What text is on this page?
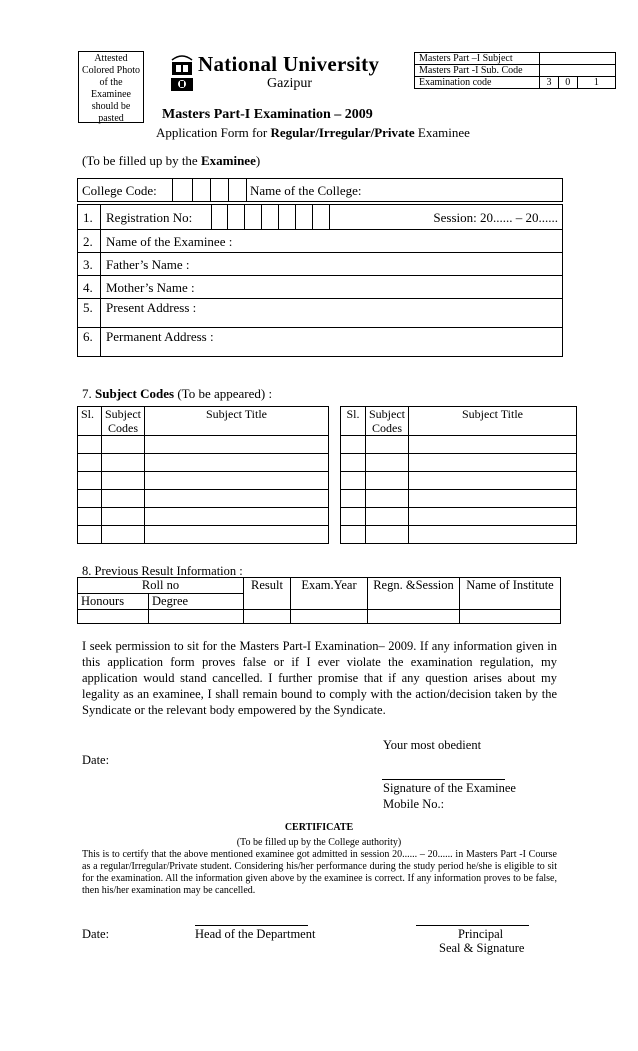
Attested Colored Photo of the Examinee should be pasted
National University
Gazipur
Masters Part –I Subject			
Masters Part -I Sub. Code			
Examination code	3	0	1
Masters Part-I Examination – 2009
Application Form for Regular/Irregular/Private Examinee
(To be filled up by the Examinee)
College Code:	Name of the College:
1. Registration No:	Session: 20...... – 20......
2. Name of the Examinee :
3. Father’s Name :
4. Mother’s Name :
5. Present Address :
6. Permanent Address :
7. Subject Codes (To be appeared) :
Sl.	Subject Codes	Subject Title

			Sl.	Subject Codes	Subject Title

8. Previous Result Information :
Roll no		Result	Exam.Year	Regn. &Session	Name of Institute
Honours	Degree				

I seek permission to sit for the Masters Part-I Examination– 2009. If any information given in this application form proves false or if I ever violate the examination regulation, my application would stand cancelled. I further promise that if any question arises about my legality as an examinee, I shall remain bound to comply with the action/decision taken by the Syndicate or the relevant body empowered by the Syndicate.
Your most obedient
Date:
Signature of the Examinee
Mobile No.:
CERTIFICATE
(To be filled up by the College authority)
This is to certify that the above mentioned examinee got admitted in session 20...... – 20...... in Masters Part -I Course as a regular/Irregular/Private student. Considering his/her performance during the study period he/she is eligible to sit for the examination. All the information given above by the examinee is correct. If any information proves to be false, then his/her examination may be cancelled.
Date:	Head of the Department	Principal
Seal & Signature
